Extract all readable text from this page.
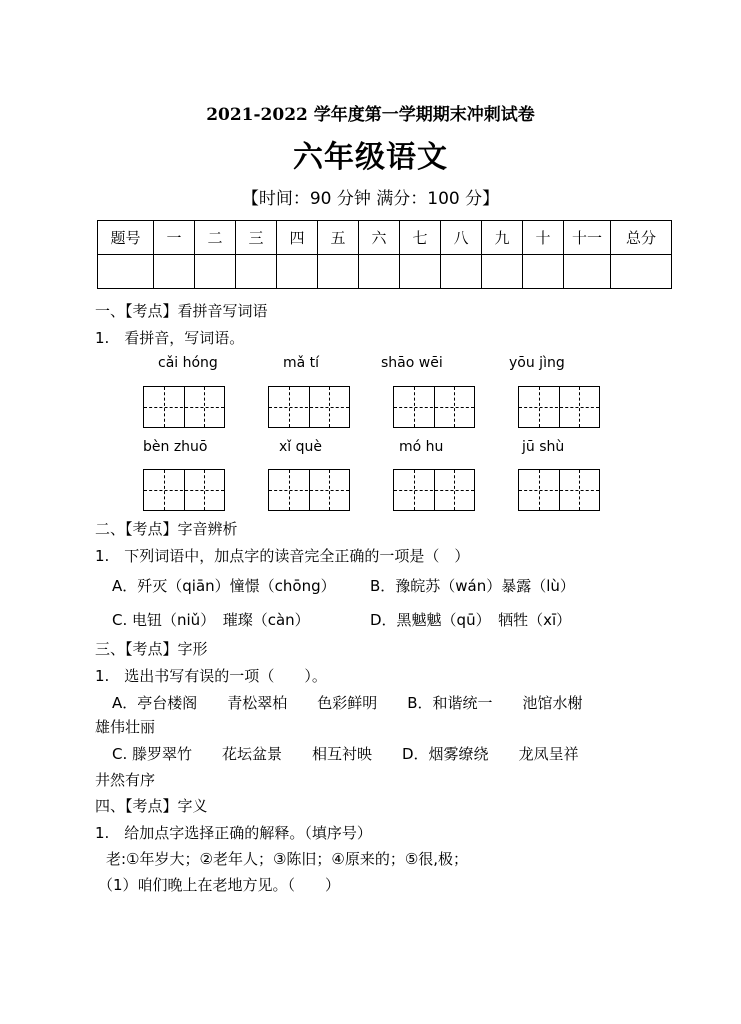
2021-2022 学年度第一学期期末冲刺试卷
六年级语文
【时间：90 分钟 满分：100 分】
题号	一	二	三	四	五	六	七	八	九	十	十一	总分

一、【考点】看拼音写词语
1.　看拼音，写词语。
cǎi hóng	mǎ tí	shāo wēi	yōu jìng
bèn zhuō	xǐ què	mó hu	jū shù
二、【考点】字音辨析
1.　下列词语中，加点字的读音完全正确的一项是（　）
A．歼灭（qiān）憧憬（chōng） B．豫皖苏（wán）暴露（lù）
C. 电钮（niǔ）　璀璨（càn）	D．黑魆魆（qū）　牺牲（xī）
三、【考点】字形
1.　选出书写有误的一项（　　）。
A．亭台楼阁　　青松翠柏　　色彩鲜明　　B．和谐统一　　池馆水榭
雄伟壮丽
C. 滕罗翠竹　　花坛盆景　　相互衬映　　D．烟雾缭绕　　龙凤呈祥
井然有序
四、【考点】字义
1.　给加点字选择正确的解释。（填序号）
老:①年岁大；②老年人；③陈旧；④原来的；⑤很,极；
（1）咱们晚上在老地方见。（　　）
